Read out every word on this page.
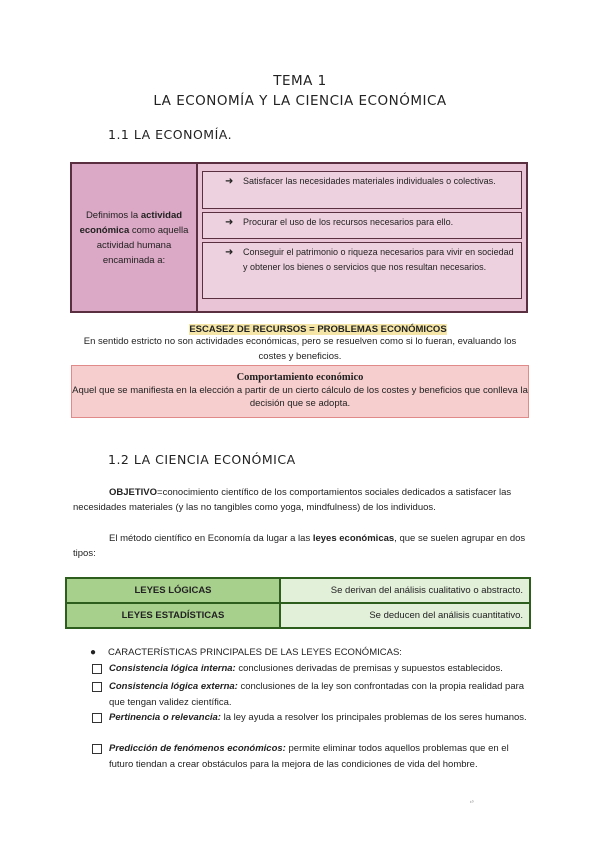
TEMA 1
LA ECONOMÍA Y LA CIENCIA ECONÓMICA
1.1 LA ECONOMÍA.
Definimos la actividad económica como aquella actividad humana encaminada a:
➜ Satisfacer las necesidades materiales individuales o colectivas.
➜ Procurar el uso de los recursos necesarios para ello.
➜ Conseguir el patrimonio o riqueza necesarios para vivir en sociedad y obtener los bienes o servicios que nos resultan necesarios.
ESCASEZ DE RECURSOS = PROBLEMAS ECONÓMICOS
En sentido estricto no son actividades económicas, pero se resuelven como si lo fueran, evaluando los costes y beneficios.
Comportamiento económico
Aquel que se manifiesta en la elección a partir de un cierto cálculo de los costes y beneficios que conlleva la decisión que se adopta.
1.2 LA CIENCIA ECONÓMICA
OBJETIVO=conocimiento científico de los comportamientos sociales dedicados a satisfacer las necesidades materiales (y las no tangibles como yoga, mindfulness) de los individuos.
El método científico en Economía da lugar a las leyes económicas, que se suelen agrupar en dos tipos:
LEYES LÓGICAS	Se derivan del análisis cualitativo o abstracto.
LEYES ESTADÍSTICAS	Se deducen del análisis cuantitativo.
● CARACTERÍSTICAS PRINCIPALES DE LAS LEYES ECONÓMICAS:
Consistencia lógica interna: conclusiones derivadas de premisas y supuestos establecidos.
Consistencia lógica externa: conclusiones de la ley son confrontadas con la propia realidad para que tengan validez científica.
Pertinencia o relevancia: la ley ayuda a resolver los principales problemas de los seres humanos.
Predicción de fenómenos económicos: permite eliminar todos aquellos problemas que en el futuro tiendan a crear obstáculos para la mejora de las condiciones de vida del hombre.
¹⁰
